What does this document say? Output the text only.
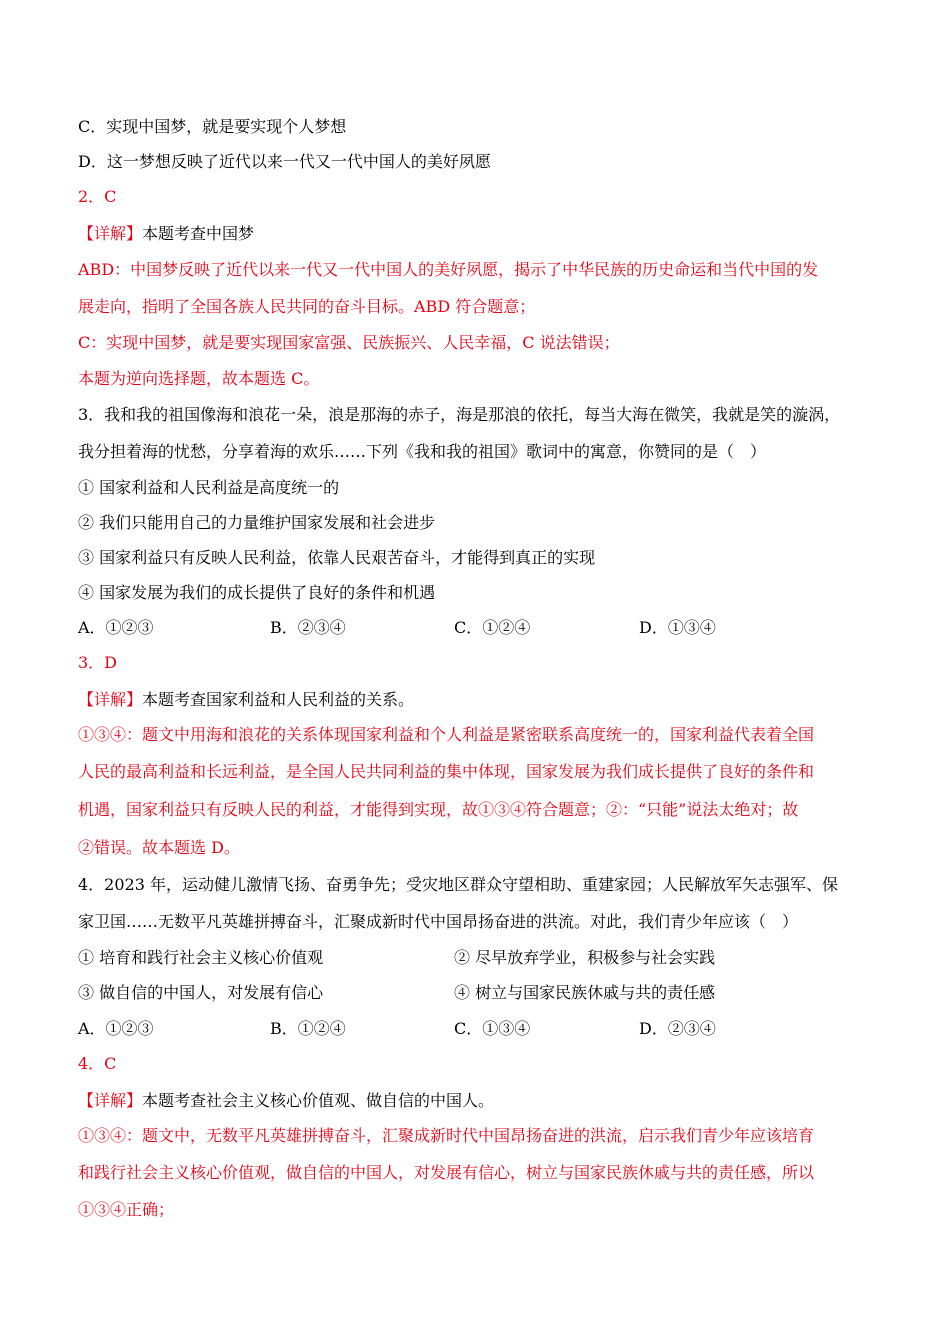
C．实现中国梦，就是要实现个人梦想
D．这一梦想反映了近代以来一代又一代中国人的美好夙愿
2．C
【详解】本题考查中国梦
ABD：中国梦反映了近代以来一代又一代中国人的美好夙愿，揭示了中华民族的历史命运和当代中国的发
展走向，指明了全国各族人民共同的奋斗目标。ABD 符合题意；
C：实现中国梦，就是要实现国家富强、民族振兴、人民幸福，C 说法错误；
本题为逆向选择题，故本题选 C。
3．我和我的祖国像海和浪花一朵，浪是那海的赤子，海是那浪的依托，每当大海在微笑，我就是笑的漩涡，
我分担着海的忧愁，分享着海的欢乐……下列《我和我的祖国》歌词中的寓意，你赞同的是（　）
① 国家利益和人民利益是高度统一的
② 我们只能用自己的力量维护国家发展和社会进步
③ 国家利益只有反映人民利益，依靠人民艰苦奋斗，才能得到真正的实现
④ 国家发展为我们的成长提供了良好的条件和机遇
A．①②③	B．②③④	C．①②④	D．①③④
3．D
【详解】本题考查国家利益和人民利益的关系。
①③④：题文中用海和浪花的关系体现国家利益和个人利益是紧密联系高度统一的，国家利益代表着全国
人民的最高利益和长远利益，是全国人民共同利益的集中体现，国家发展为我们成长提供了良好的条件和
机遇，国家利益只有反映人民的利益，才能得到实现，故①③④符合题意；②：“只能”说法太绝对；故
②错误。故本题选 D。
4．2023 年，运动健儿激情飞扬、奋勇争先；受灾地区群众守望相助、重建家园；人民解放军矢志强军、保
家卫国……无数平凡英雄拼搏奋斗，汇聚成新时代中国昂扬奋进的洪流。对此，我们青少年应该（　）
① 培育和践行社会主义核心价值观	② 尽早放弃学业，积极参与社会实践
③ 做自信的中国人，对发展有信心	④ 树立与国家民族休戚与共的责任感
A．①②③	B．①②④	C．①③④	D．②③④
4．C
【详解】本题考查社会主义核心价值观、做自信的中国人。
①③④：题文中，无数平凡英雄拼搏奋斗，汇聚成新时代中国昂扬奋进的洪流，启示我们青少年应该培育
和践行社会主义核心价值观，做自信的中国人，对发展有信心，树立与国家民族休戚与共的责任感，所以
①③④正确；
